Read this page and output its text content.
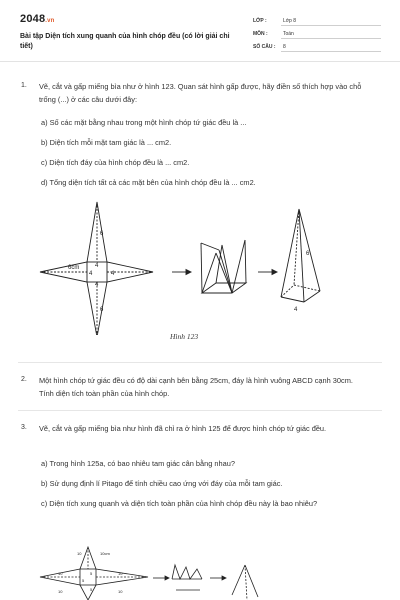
2048.vn
Bài tập Diện tích xung quanh của hình chóp đều (có lời giải chi tiết)
LỚP :	Lớp 8
MÔN :	Toán
SỐ CÂU : 8
1. Vẽ, cắt và gấp miếng bìa như ở hình 123. Quan sát hình gấp được, hãy điền số thích hợp vào chỗ trống (...) ở các câu dưới đây:
a) Số các mặt bằng nhau trong một hình chóp tứ giác đều là ...
b) Diện tích mỗi mặt tam giác là ... cm2.
c) Diện tích đáy của hình chóp đều là ... cm2.
d) Tổng diện tích tất cả các mặt bên của hình chóp đều là ... cm2.
6
6cm
4
4
4
4
6
6
4
Hình 123
2. Một hình chóp tứ giác đều có độ dài cạnh bên bằng 25cm, đáy là hình vuông ABCD cạnh 30cm. Tính diện tích toàn phần của hình chóp.
3. Vẽ, cắt và gấp miếng bìa như hình đã chỉ ra ở hình 125 để được hình chóp tứ giác đều.
a) Trong hình 125a, có bao nhiêu tam giác cân bằng nhau?
b) Sử dụng định lí Pitago để tính chiều cao ứng với đáy của mỗi tam giác.
c) Diện tích xung quanh và diện tích toàn phần của hình chóp đều này là bao nhiêu?
10	10cm
10	10
5
5
5
10	10
